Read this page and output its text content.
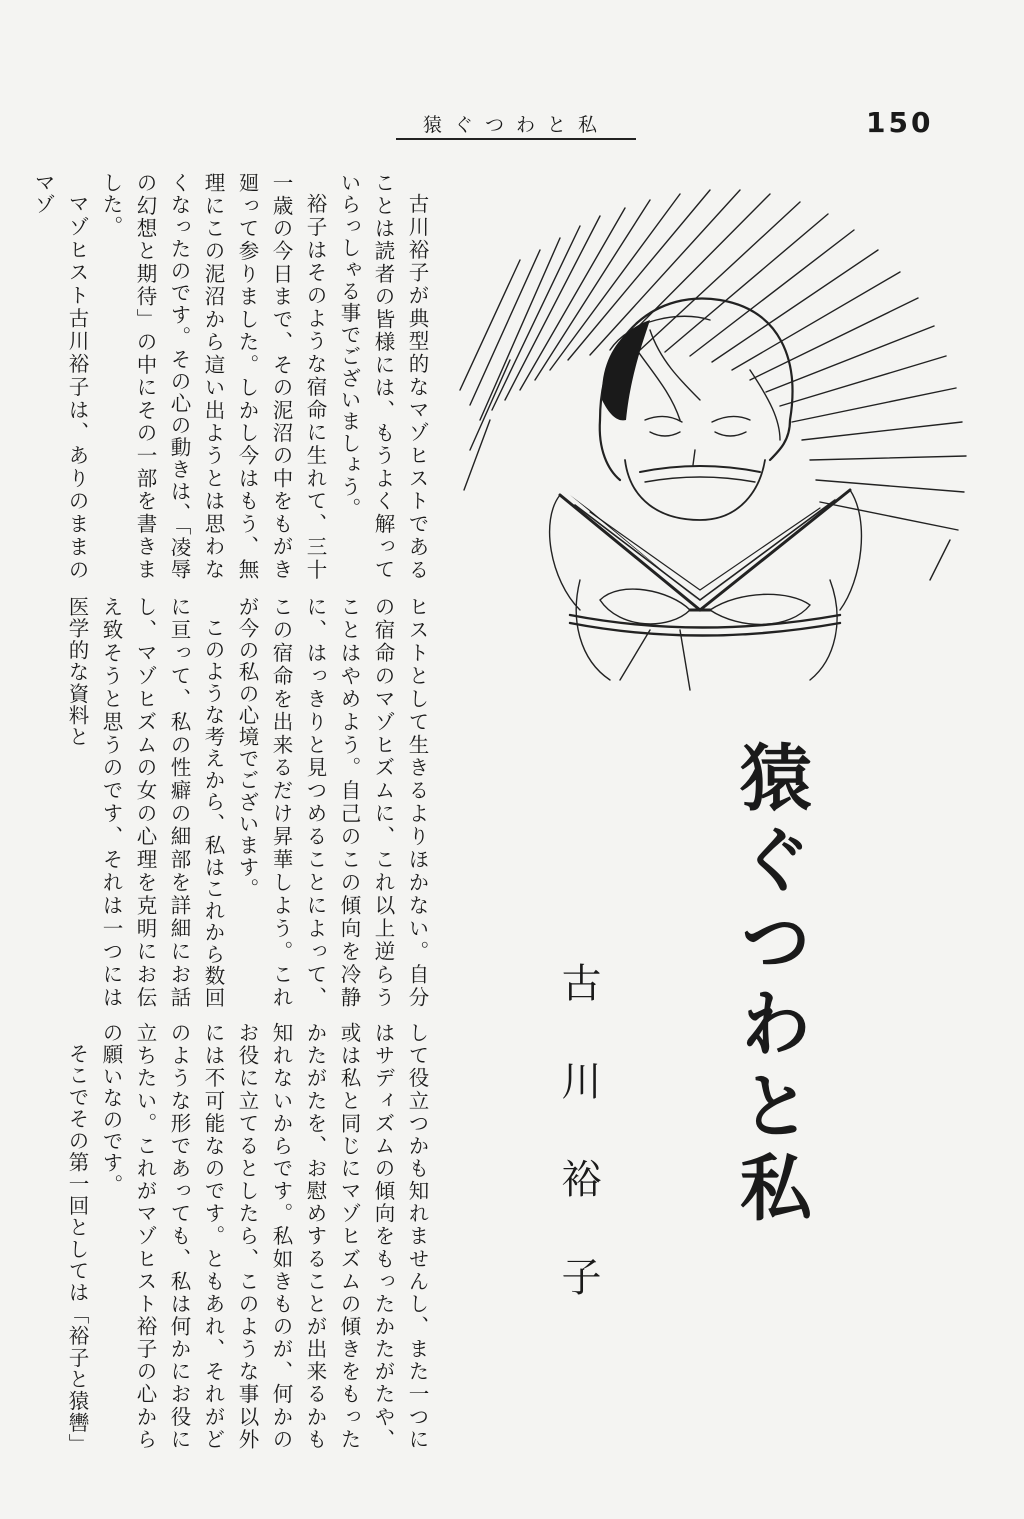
猿ぐつわと私	150
猿ぐつわと私
古川裕子

古川裕子が典型的なマゾヒストであることは読者の皆様には、もうよく解っていらっしゃる事でございましょう。

裕子はそのような宿命に生れて、三十一歳の今日まで、その泥沼の中をもがき廻って参りました。しかし今はもう、無理にこの泥沼から這い出ようとは思わなくなったのです。その心の動きは、「凌辱の幻想と期待」の中にその一部を書きました。

マゾヒスト古川裕子は、ありのままのマゾ

ヒストとして生きるよりほかない。自分の宿命のマゾヒズムに、これ以上逆らうことはやめよう。自己のこの傾向を冷静に、はっきりと見つめることによって、この宿命を出来るだけ昇華しよう。これが今の私の心境でございます。

このような考えから、私はこれから数回に亘って、私の性癖の細部を詳細にお話し、マゾヒズムの女の心理を克明にお伝え致そうと思うのです、それは一つには医学的な資料と

して役立つかも知れませんし、また一つにはサディズムの傾向をもったかたがたや、或は私と同じにマゾヒズムの傾きをもったかたがたを、お慰めすることが出来るかも知れないからです。私如きものが、何かのお役に立てるとしたら、このような事以外には不可能なのです。ともあれ、それがどのような形であっても、私は何かにお役に立ちたい。これがマゾヒスト裕子の心からの願いなのです。

そこでその第一回としては「裕子と猿轡」
